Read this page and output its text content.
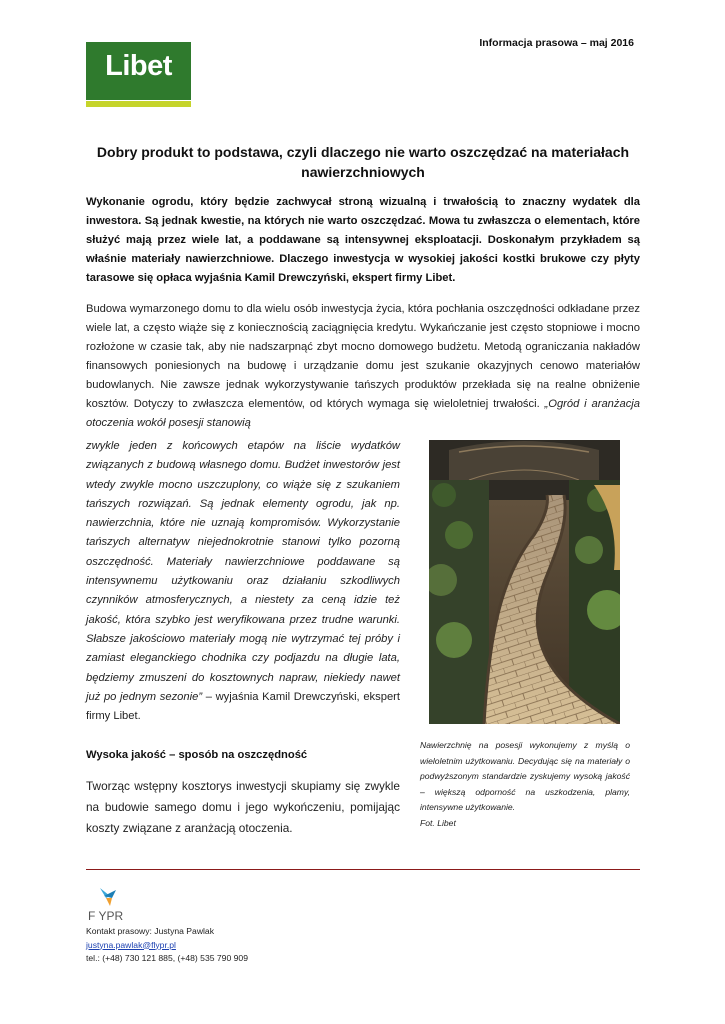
Informacja prasowa – maj 2016
Libet
Dobry produkt to podstawa, czyli dlaczego nie warto oszczędzać na materiałach nawierzchniowych
Wykonanie ogrodu, który będzie zachwycał stroną wizualną i trwałością to znaczny wydatek dla inwestora. Są jednak kwestie, na których nie warto oszczędzać. Mowa tu zwłaszcza o elementach, które służyć mają przez wiele lat, a poddawane są intensywnej eksploatacji. Doskonałym przykładem są właśnie materiały nawierzchniowe. Dlaczego inwestycja w wysokiej jakości kostki brukowe czy płyty tarasowe się opłaca wyjaśnia Kamil Drewczyński, ekspert firmy Libet.
Budowa wymarzonego domu to dla wielu osób inwestycja życia, która pochłania oszczędności odkładane przez wiele lat, a często wiąże się z koniecznością zaciągnięcia kredytu. Wykańczanie jest często stopniowe i mocno rozłożone w czasie tak, aby nie nadszarpnąć zbyt mocno domowego budżetu. Metodą ograniczania nakładów finansowych poniesionych na budowę i urządzanie domu jest szukanie okazyjnych cenowo materiałów budowlanych. Nie zawsze jednak wykorzystywanie tańszych produktów przekłada się na realne obniżenie kosztów. Dotyczy to zwłaszcza elementów, od których wymaga się wieloletniej trwałości. „Ogród i aranżacja otoczenia wokół posesji stanowią
zwykle jeden z końcowych etapów na liście wydatków związanych z budową własnego domu. Budżet inwestorów jest wtedy zwykle mocno uszczuplony, co wiąże się z szukaniem tańszych rozwiązań. Są jednak elementy ogrodu, jak np. nawierzchnia, które nie uznają kompromisów. Wykorzystanie tańszych alternatyw niejednokrotnie stanowi tylko pozorną oszczędność. Materiały nawierzchniowe poddawane są intensywnemu użytkowaniu oraz działaniu szkodliwych czynników atmosferycznych, a niestety za ceną idzie też jakość, która szybko jest weryfikowana przez trudne warunki. Słabsze jakościowo materiały mogą nie wytrzymać tej próby i zamiast eleganckiego chodnika czy podjazdu na długie lata, będziemy zmuszeni do kosztownych napraw, niekiedy nawet już po jednym sezonie” – wyjaśnia Kamil Drewczyński, ekspert firmy Libet.
Wysoka jakość – sposób na oszczędność
Tworząc wstępny kosztorys inwestycji skupiamy się zwykle na budowie samego domu i jego wykończeniu, pomijając koszty związane z aranżacją otoczenia.
Nawierzchnię na posesji wykonujemy z myślą o wieloletnim użytkowaniu. Decydując się na materiały o podwyższonym standardzie zyskujemy wysoką jakość – większą odporność na uszkodzenia, plamy, intensywne użytkowanie.
Fot. Libet
F YPR
Kontakt prasowy: Justyna Pawlak
justyna.pawlak@flypr.pl
tel.: (+48) 730 121 885, (+48) 535 790 909
